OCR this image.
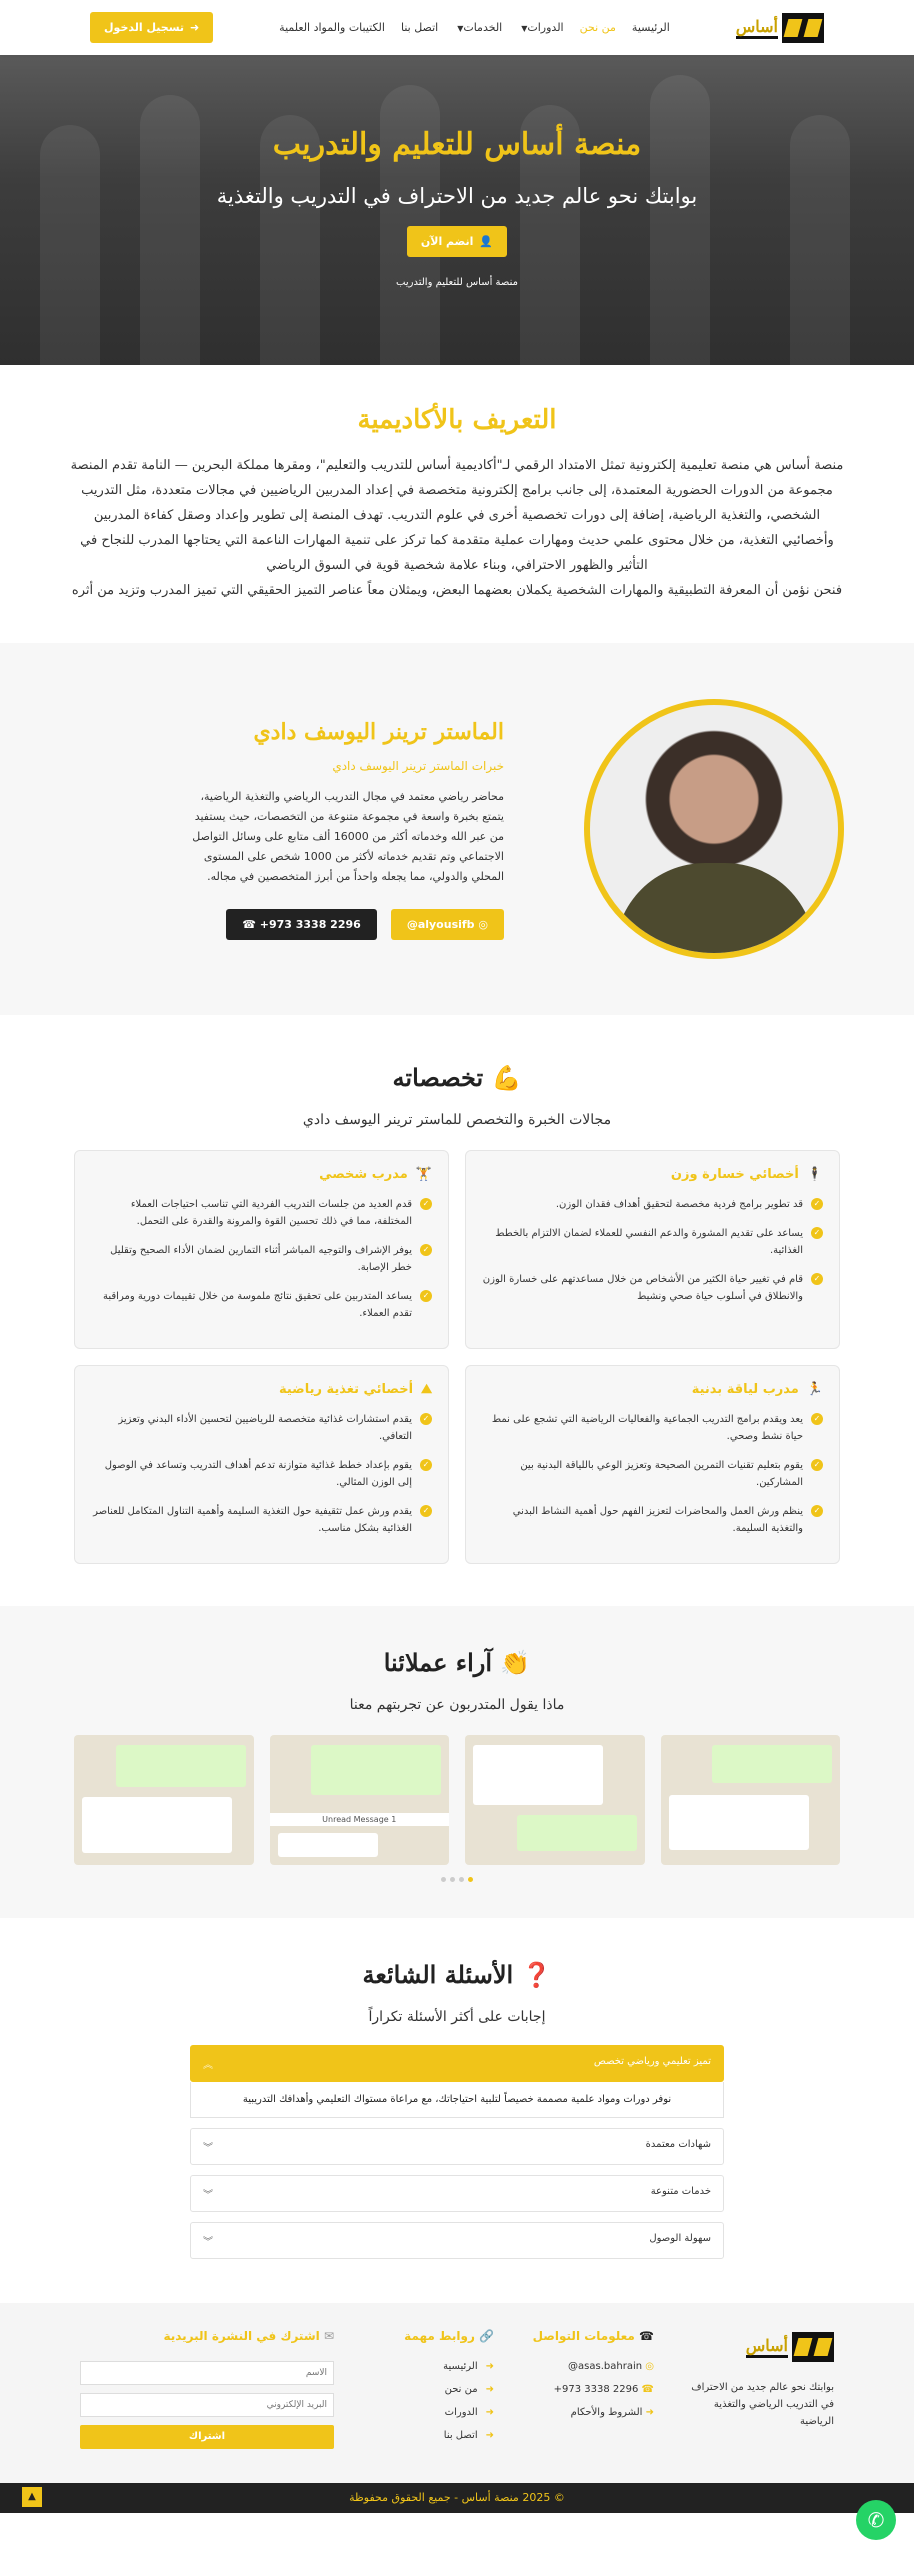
أساس
الرئيسية
من نحن
الدورات▼
الخدمات▼
اتصل بنا
الكتيبات والمواد العلمية
➜
تسجيل الدخول
منصة أساس للتعليم والتدريب
بوابتك نحو عالم جديد من الاحتراف في التدريب والتغذية
👤
انضم الآن
منصة أساس للتعليم والتدريب
التعريف بالأكاديمية

منصة أساس هي منصة تعليمية إلكترونية تمثل الامتداد الرقمي لـ"أكاديمية أساس للتدريب والتعليم"، ومقرها مملكة البحرين — النامة تقدم المنصة مجموعة من الدورات الحضورية المعتمدة، إلى جانب برامج إلكترونية متخصصة في إعداد المدربين الرياضيين في مجالات متعددة، مثل التدريب الشخصي، والتغذية الرياضية، إضافة إلى دورات تخصصية أخرى في علوم التدريب. تهدف المنصة إلى تطوير وإعداد وصقل كفاءة المدربين وأخصائيي التغذية، من خلال محتوى علمي حديث ومهارات عملية متقدمة كما تركز على تنمية المهارات الناعمة التي يحتاجها المدرب للنجاح في التأثير والظهور الاحترافي، وبناء علامة شخصية قوية في السوق الرياضي

فنحن نؤمن أن المعرفة التطبيقية والمهارات الشخصية يكملان بعضهما البعض، ويمثلان معاً عناصر التميز الحقيقي التي تميز المدرب وتزيد من أثره

الماستر ترينر اليوسف دادي
خبرات الماستر ترينر اليوسف دادي

محاضر رياضي معتمد في مجال التدريب الرياضي والتغذية الرياضية، يتمتع بخبرة واسعة في مجموعة متنوعة من التخصصات، حيث يستفيد من عبر الله وخدماته أكثر من 16000 ألف متابع على وسائل التواصل الاجتماعي وتم تقديم خدماته لأكثر من 1000 شخص على المستوى المحلي والدولي، مما يجعله واحداً من أبرز المتخصصين في مجاله.

◎ alyousifb@
☎ +973 3338 2296
💪 تخصصاته
مجالات الخبرة والتخصص للماستر ترينر اليوسف دادي
🕴
أخصائي خسارة وزن
✓
قد تطوير برامج فردية مخصصة لتحقيق أهداف فقدان الوزن.
✓
يساعد على تقديم المشورة والدعم النفسي للعملاء لضمان الالتزام بالخطط الغذائية.
✓
قام في تغيير حياة الكثير من الأشخاص من خلال مساعدتهم على خسارة الوزن والانطلاق في أسلوب حياة صحي ونشيط
🏋
مدرب شخصي
✓
قدم العديد من جلسات التدريب الفردية التي تناسب احتياجات العملاء المختلفة، مما في ذلك تحسين القوة والمرونة والقدرة على التحمل.
✓
يوفر الإشراف والتوجيه المباشر أثناء التمارين لضمان الأداء الصحيح وتقليل خطر الإصابة.
✓
يساعد المتدربين على تحقيق نتائج ملموسة من خلال تقييمات دورية ومراقبة تقدم العملاء.
🏃
مدرب لياقة بدنية
✓
يعد ويقدم برامج التدريب الجماعية والفعاليات الرياضية التي تشجع على نمط حياة نشط وصحي.
✓
يقوم بتعليم تقنيات التمرين الصحيحة وتعزيز الوعي باللياقة البدنية بين المشاركين.
✓
ينظم ورش العمل والمحاضرات لتعزيز الفهم حول أهمية النشاط البدني والتغذية السليمة.
⛰
أخصائي تغذية رياضية
✓
يقدم استشارات غذائية متخصصة للرياضيين لتحسين الأداء البدني وتعزيز التعافي.
✓
يقوم بإعداد خطط غذائية متوازنة تدعم أهداف التدريب وتساعد في الوصول إلى الوزن المثالي.
✓
يقدم ورش عمل تثقيفية حول التغذية السليمة وأهمية التناول المتكامل للعناصر الغذائية بشكل مناسب.
👏 آراء عملائنا
ماذا يقول المتدربون عن تجربتهم معنا
1 Unread Message
❓ الأسئلة الشائعة
إجابات على أكثر الأسئلة تكراراً
تميز تعليمي ورياضي تخصص
︽
نوفر دورات ومواد علمية مصممة خصيصاً لتلبية احتياجاتك، مع مراعاة مستواك التعليمي وأهدافك التدريبية
شهادات معتمدة
︾
خدمات متنوعة
︾
سهولة الوصول
︾
أساس
بوابتك نحو عالم جديد من الاحتراف في التدريب الرياضي والتغذية الرياضية
☎ معلومات التواصل
◎ asas.bahrain@
+973 3338 2296 ☎
➜ الشروط والأحكام
🔗 روابط مهمة
➜
الرئيسية
➜
من نحن
➜
الدورات
➜
اتصل بنا
✉ اشترك في النشرة البريدية
الاسم البريد الإلكتروني
اشتراك
© 2025 منصة أساس - جميع الحقوق محفوظة
▲
✆
